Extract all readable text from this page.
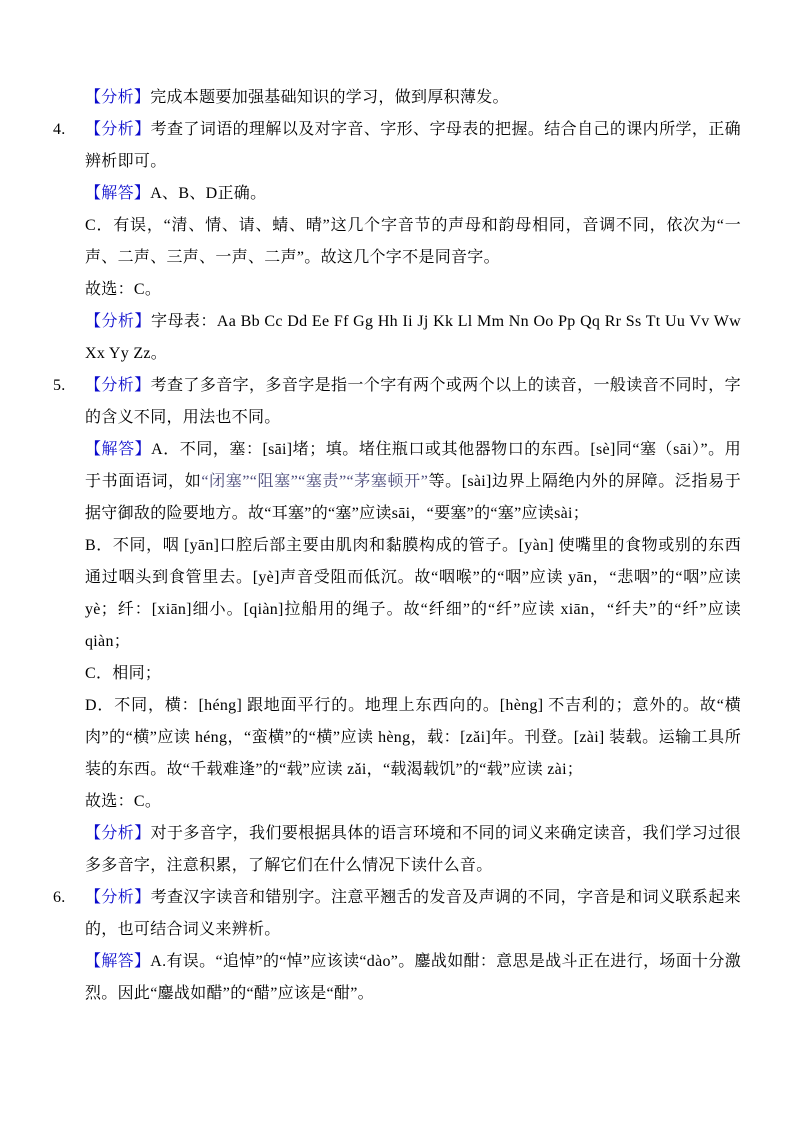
【分析】完成本题要加强基础知识的学习，做到厚积薄发。

4.	【分析】考查了词语的理解以及对字音、字形、字母表的把握。结合自己的课内所学，正确辨析即可。

【解答】A、B、D正确。

C．有误，“清、情、请、蜻、晴”这几个字音节的声母和韵母相同，音调不同，依次为“一声、二声、三声、一声、二声”。故这几个字不是同音字。

故选：C。

【分析】字母表：Aa Bb Cc Dd Ee Ff Gg Hh Ii Jj Kk Ll Mm Nn Oo Pp Qq Rr Ss Tt Uu Vv Ww Xx Yy Zz。

5.	【分析】考查了多音字，多音字是指一个字有两个或两个以上的读音，一般读音不同时，字的含义不同，用法也不同。

【解答】A．不同，塞：[sāi]堵；填。堵住瓶口或其他器物口的东西。[sè]同“塞（sāi）”。用于书面语词，如“闭塞”“阻塞”“塞责”“茅塞顿开”等。[sài]边界上隔绝内外的屏障。泛指易于据守御敌的险要地方。故“耳塞”的“塞”应读sāi，“要塞”的“塞”应读sài；

B．不同，咽 [yān]口腔后部主要由肌肉和黏膜构成的管子。[yàn] 使嘴里的食物或别的东西通过咽头到食管里去。[yè]声音受阻而低沉。故“咽喉”的“咽”应读 yān，“悲咽”的“咽”应读 yè；纤：[xiān]细小。[qiàn]拉船用的绳子。故“纤细”的“纤”应读 xiān，“纤夫”的“纤”应读 qiàn；

C．相同；

D．不同，横：[héng] 跟地面平行的。地理上东西向的。[hèng] 不吉利的；意外的。故“横肉”的“横”应读 héng，“蛮横”的“横”应读 hèng，载：[zǎi]年。刊登。[zài] 装载。运输工具所装的东西。故“千载难逢”的“载”应读 zǎi，“载渴载饥”的“载”应读 zài；

故选：C。

【分析】对于多音字，我们要根据具体的语言环境和不同的词义来确定读音，我们学习过很多多音字，注意积累，了解它们在什么情况下读什么音。

6.	【分析】考查汉字读音和错别字。注意平翘舌的发音及声调的不同，字音是和词义联系起来的，也可结合词义来辨析。

【解答】A.有误。“追悼”的“悼”应该读“dào”。鏖战如酣：意思是战斗正在进行，场面十分激烈。因此“鏖战如醋”的“醋”应该是“酣”。
